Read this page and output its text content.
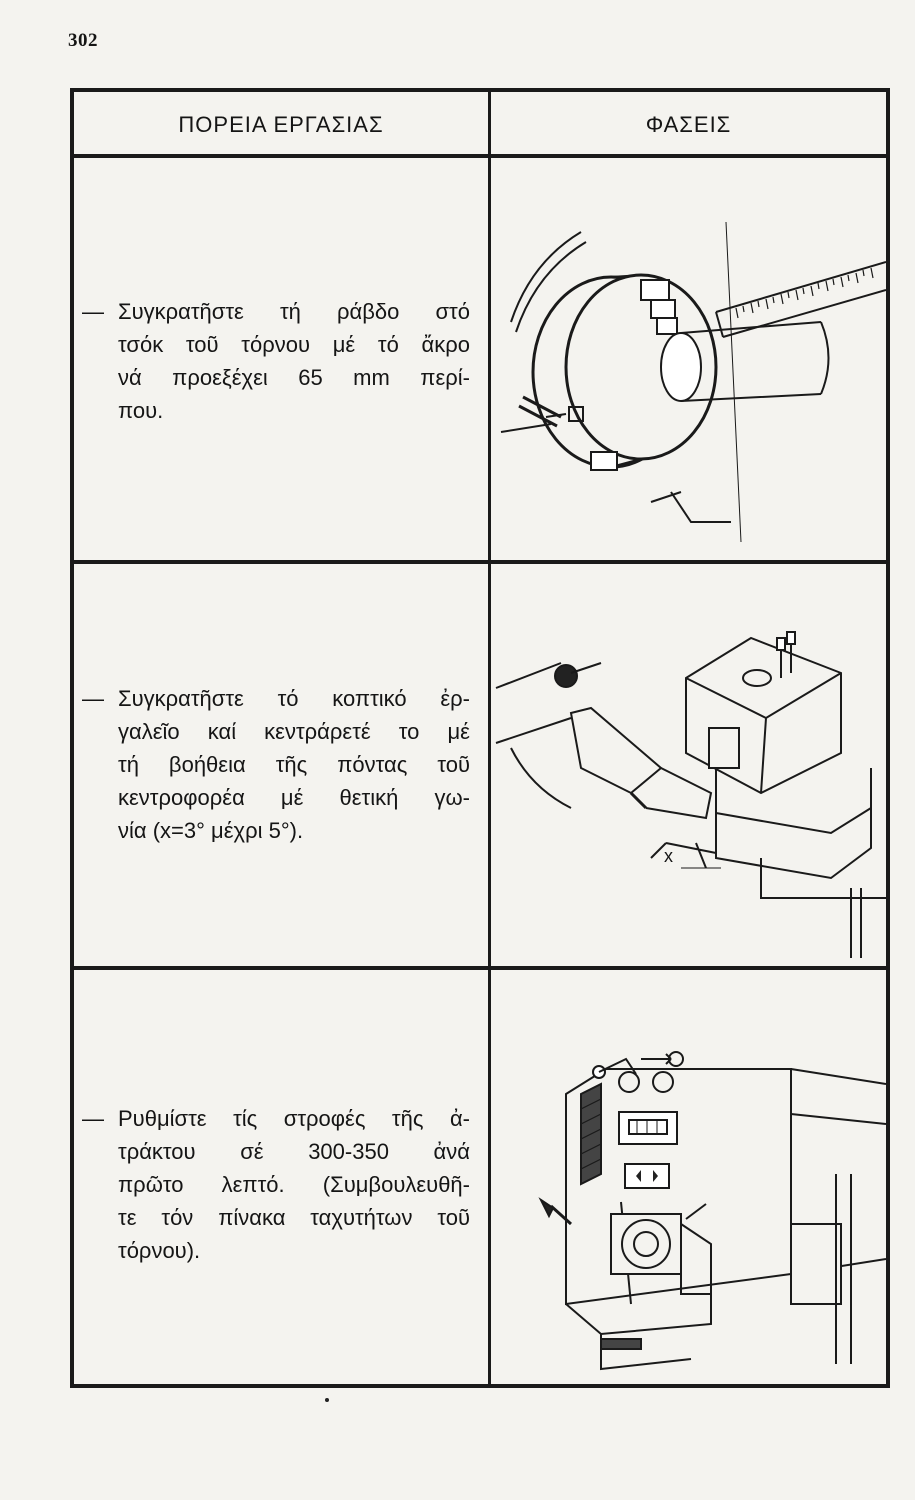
302
ΠΟΡΕΙΑ ΕΡΓΑΣΙΑΣ	ΦΑΣΕΙΣ
— Συγκρατῆστε τή ράβδο στό
τσόκ τοῦ τόρνου μέ τό ἄκρο
νά προεξέχει 65 mm περί-
που.
— Συγκρατῆστε τό κοπτικό ἐρ-
γαλεῖο καί κεντράρετέ το μέ
τή βοήθεια τῆς πόντας τοῦ
κεντροφορέα μέ θετική γω-
νία (x=3° μέχρι 5°).
x
— Ρυθμίστε τίς στροφές τῆς ἀ-
τράκτου σέ 300-350 ἀνά
πρῶτο λεπτό. (Συμβουλευθῆ-
τε τόν πίνακα ταχυτήτων τοῦ
τόρνου).
